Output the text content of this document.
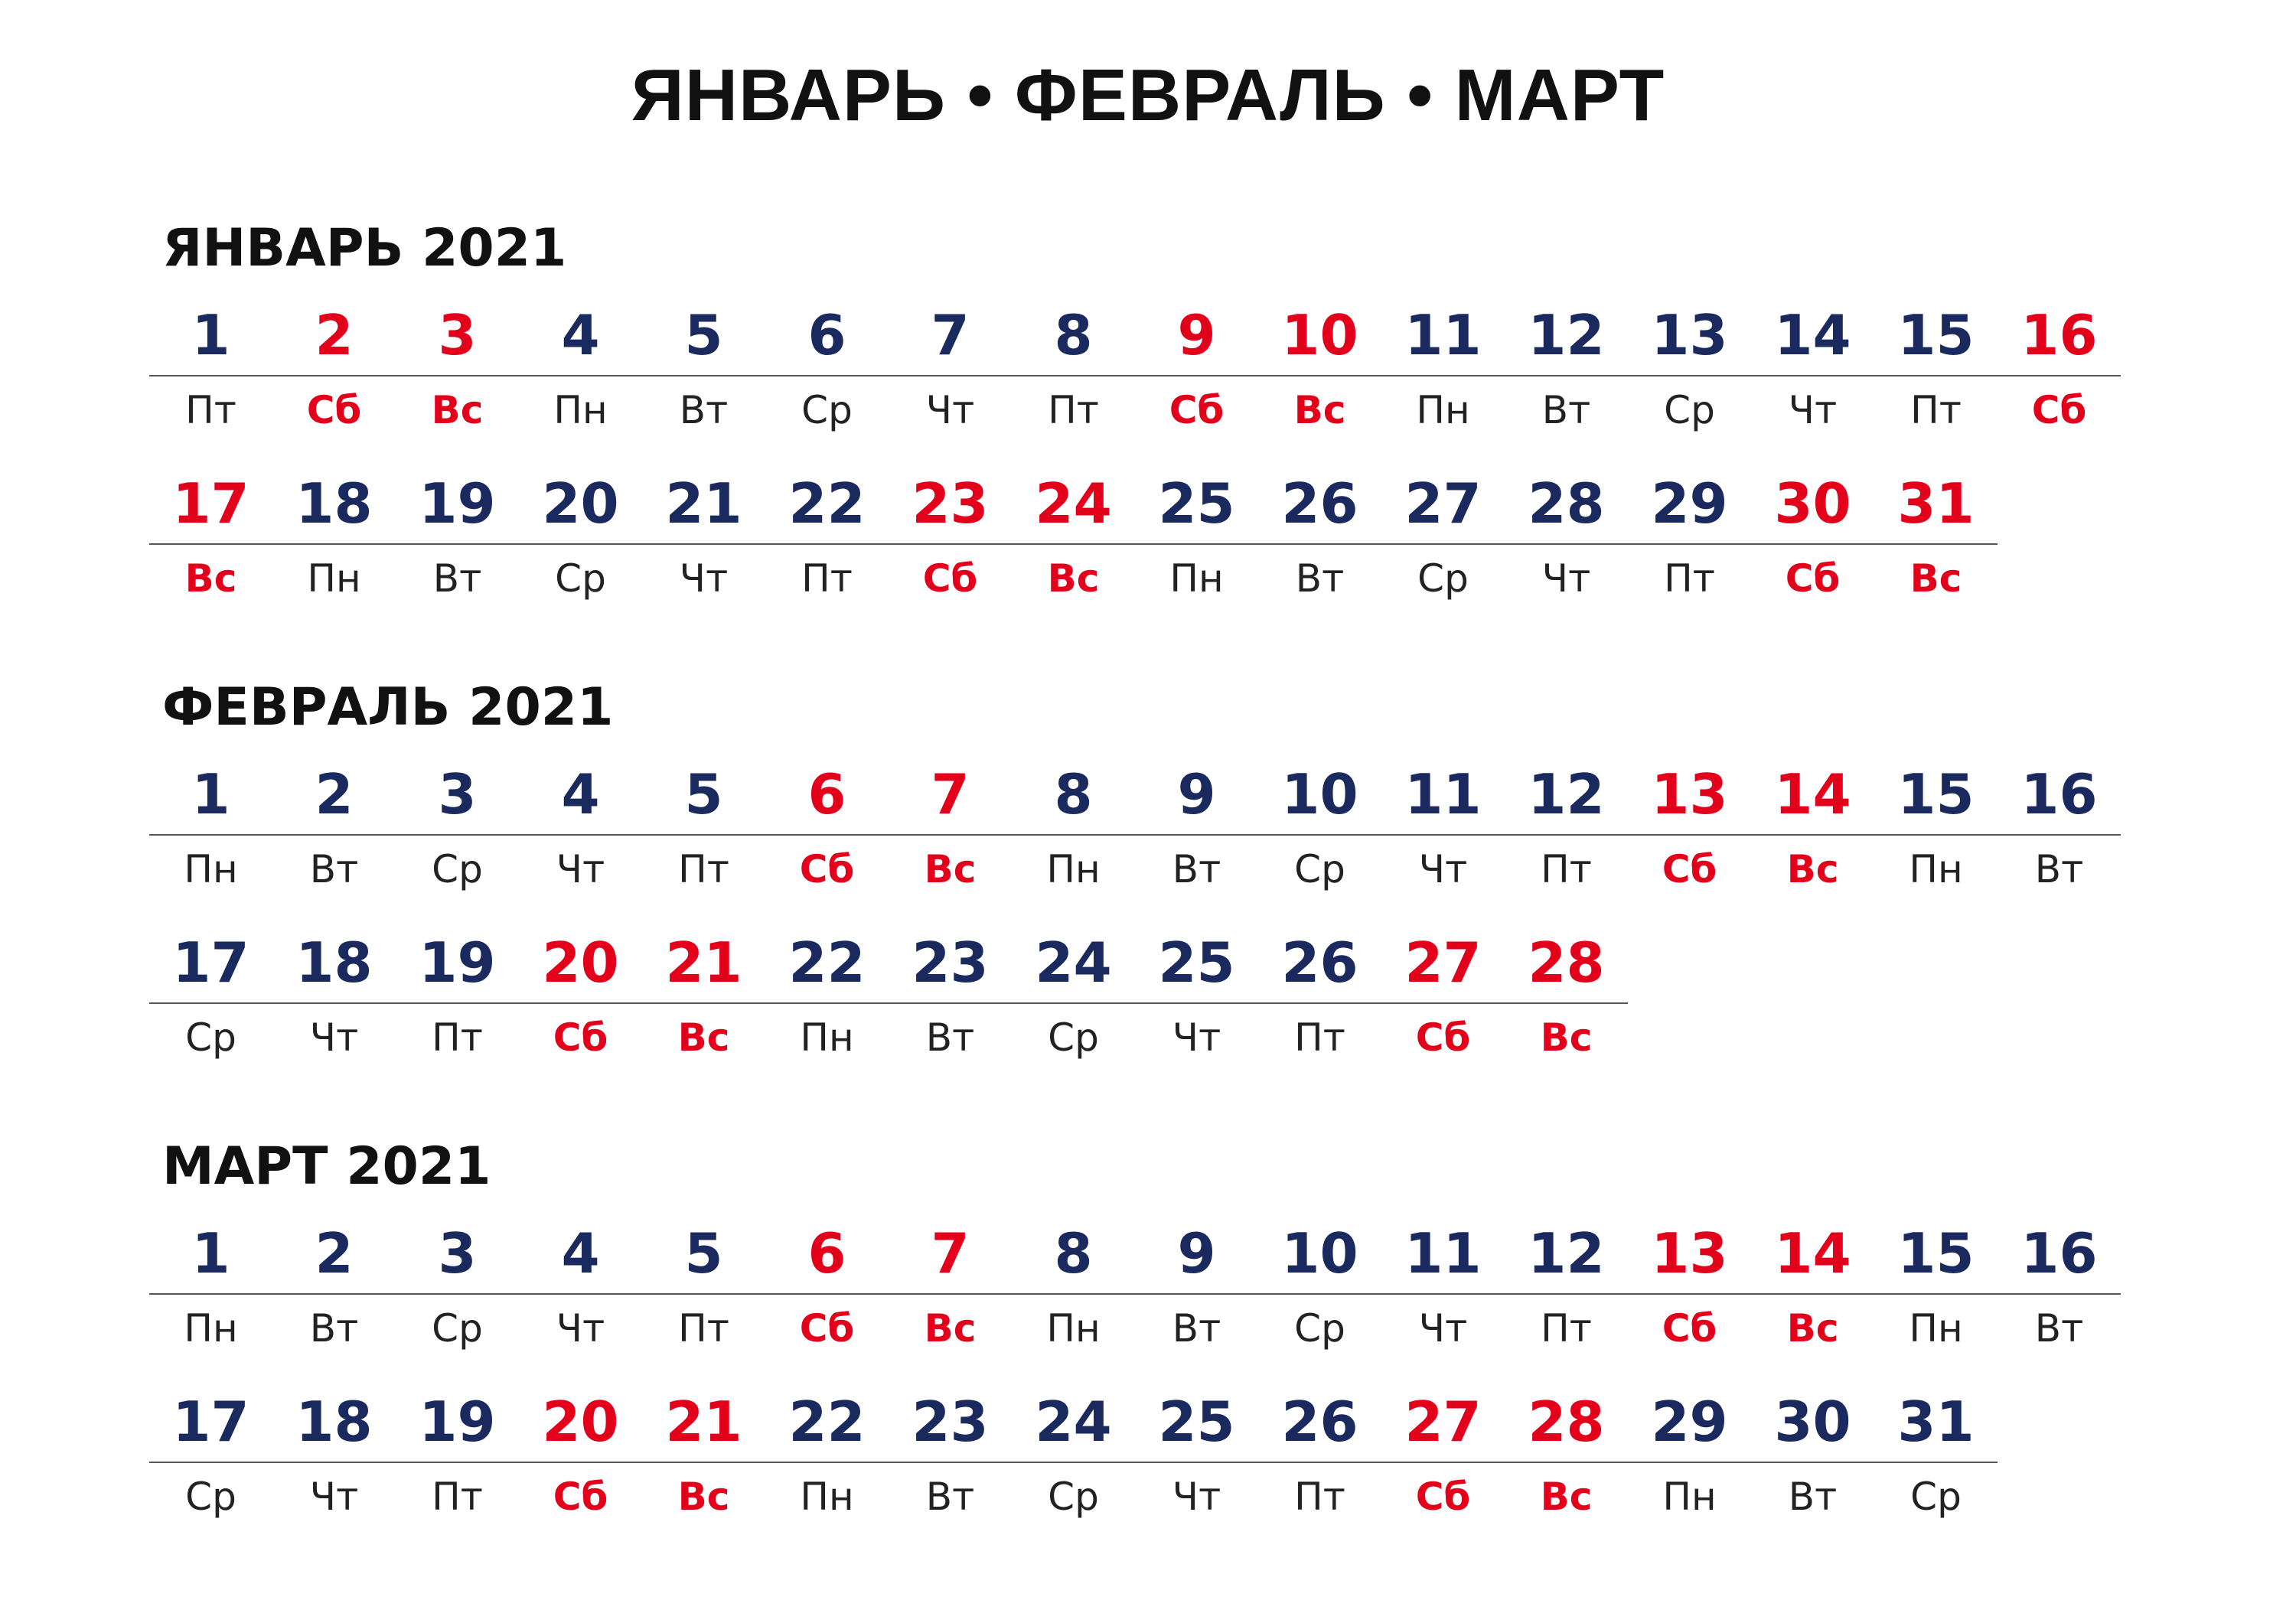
ЯНВАРЬ • ФЕВРАЛЬ • МАРТ
ЯНВАРЬ 2021
1
Пт
2
Сб
3
Вс
4
Пн
5
Вт
6
Ср
7
Чт
8
Пт
9
Сб
10
Вс
11
Пн
12
Вт
13
Ср
14
Чт
15
Пт
16
Сб
17
Вс
18
Пн
19
Вт
20
Ср
21
Чт
22
Пт
23
Сб
24
Вс
25
Пн
26
Вт
27
Ср
28
Чт
29
Пт
30
Сб
31
Вс
ФЕВРАЛЬ 2021
1
Пн
2
Вт
3
Ср
4
Чт
5
Пт
6
Сб
7
Вс
8
Пн
9
Вт
10
Ср
11
Чт
12
Пт
13
Сб
14
Вс
15
Пн
16
Вт
17
Ср
18
Чт
19
Пт
20
Сб
21
Вс
22
Пн
23
Вт
24
Ср
25
Чт
26
Пт
27
Сб
28
Вс
МАРТ 2021
1
Пн
2
Вт
3
Ср
4
Чт
5
Пт
6
Сб
7
Вс
8
Пн
9
Вт
10
Ср
11
Чт
12
Пт
13
Сб
14
Вс
15
Пн
16
Вт
17
Ср
18
Чт
19
Пт
20
Сб
21
Вс
22
Пн
23
Вт
24
Ср
25
Чт
26
Пт
27
Сб
28
Вс
29
Пн
30
Вт
31
Ср
